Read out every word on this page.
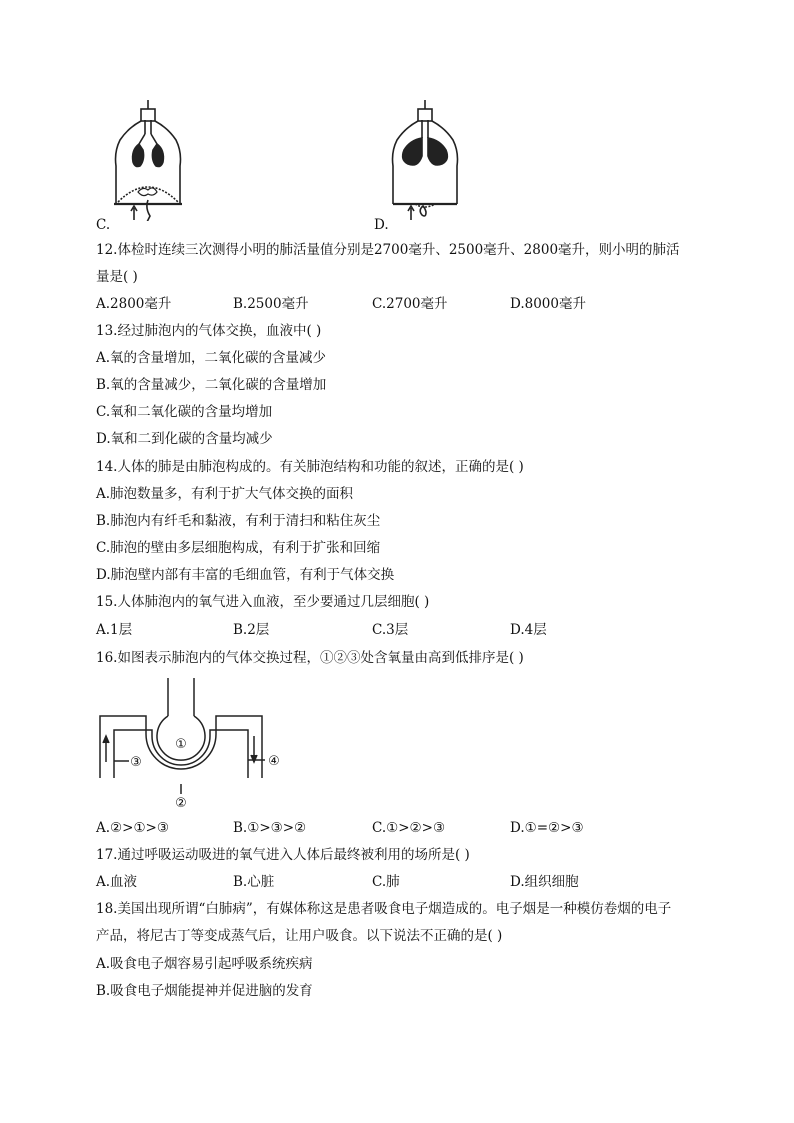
C.	D.
12.体检时连续三次测得小明的肺活量值分别是2700毫升、2500毫升、2800毫升，则小明的肺活
量是( )
A.2800毫升	B.2500毫升	C.2700毫升	D.8000毫升
13.经过肺泡内的气体交换，血液中( )
A.氧的含量增加，二氧化碳的含量减少
B.氧的含量减少，二氧化碳的含量增加
C.氧和二氧化碳的含量均增加
D.氧和二到化碳的含量均减少
14.人体的肺是由肺泡构成的。有关肺泡结构和功能的叙述，正确的是( )
A.肺泡数量多，有利于扩大气体交换的面积
B.肺泡内有纤毛和黏液，有利于清扫和粘住灰尘
C.肺泡的壁由多层细胞构成，有利于扩张和回缩
D.肺泡壁内部有丰富的毛细血管，有利于气体交换
15.人体肺泡内的氧气进入血液，至少要通过几层细胞( )
A.1层	B.2层	C.3层	D.4层
16.如图表示肺泡内的气体交换过程，①②③处含氧量由高到低排序是( )
①
②
③	④
A.②>①>③	B.①>③>②	C.①>②>③	D.①=②>③
17.通过呼吸运动吸进的氧气进入人体后最终被利用的场所是( )
A.血液	B.心脏	C.肺	D.组织细胞
18.美国出现所谓“白肺病”，有媒体称这是患者吸食电子烟造成的。电子烟是一种模仿卷烟的电子
产品，将尼古丁等变成蒸气后，让用户吸食。以下说法不正确的是( )
A.吸食电子烟容易引起呼吸系统疾病
B.吸食电子烟能提神并促进脑的发育
